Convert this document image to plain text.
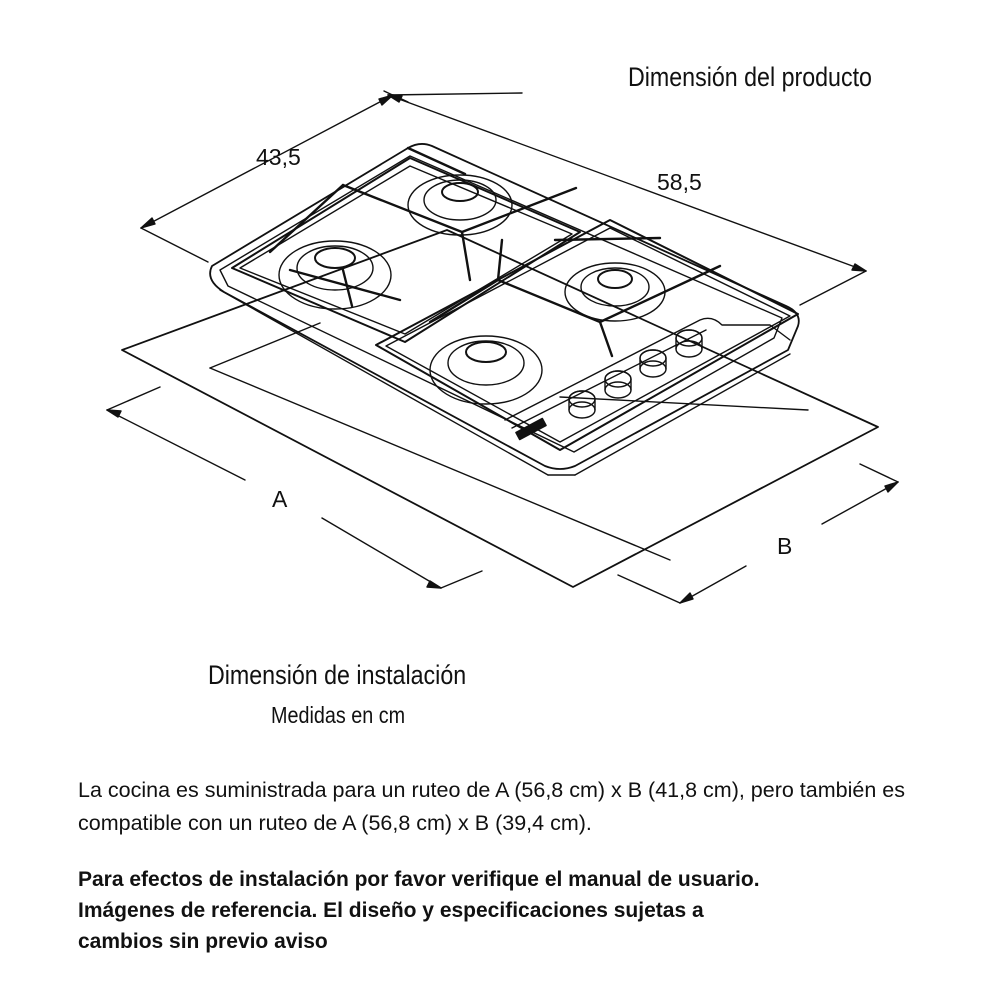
Dimensión del producto

43,5

58,5

A

B

Dimensión de instalación

Medidas en cm

La cocina es suministrada para un ruteo de A (56,8 cm) x B (41,8 cm), pero también es compatible con un ruteo de A (56,8 cm) x B (39,4 cm).

Para efectos de instalación por favor verifique el manual de usuario.
Imágenes de referencia. El diseño y especificaciones sujetas a
cambios sin previo aviso
